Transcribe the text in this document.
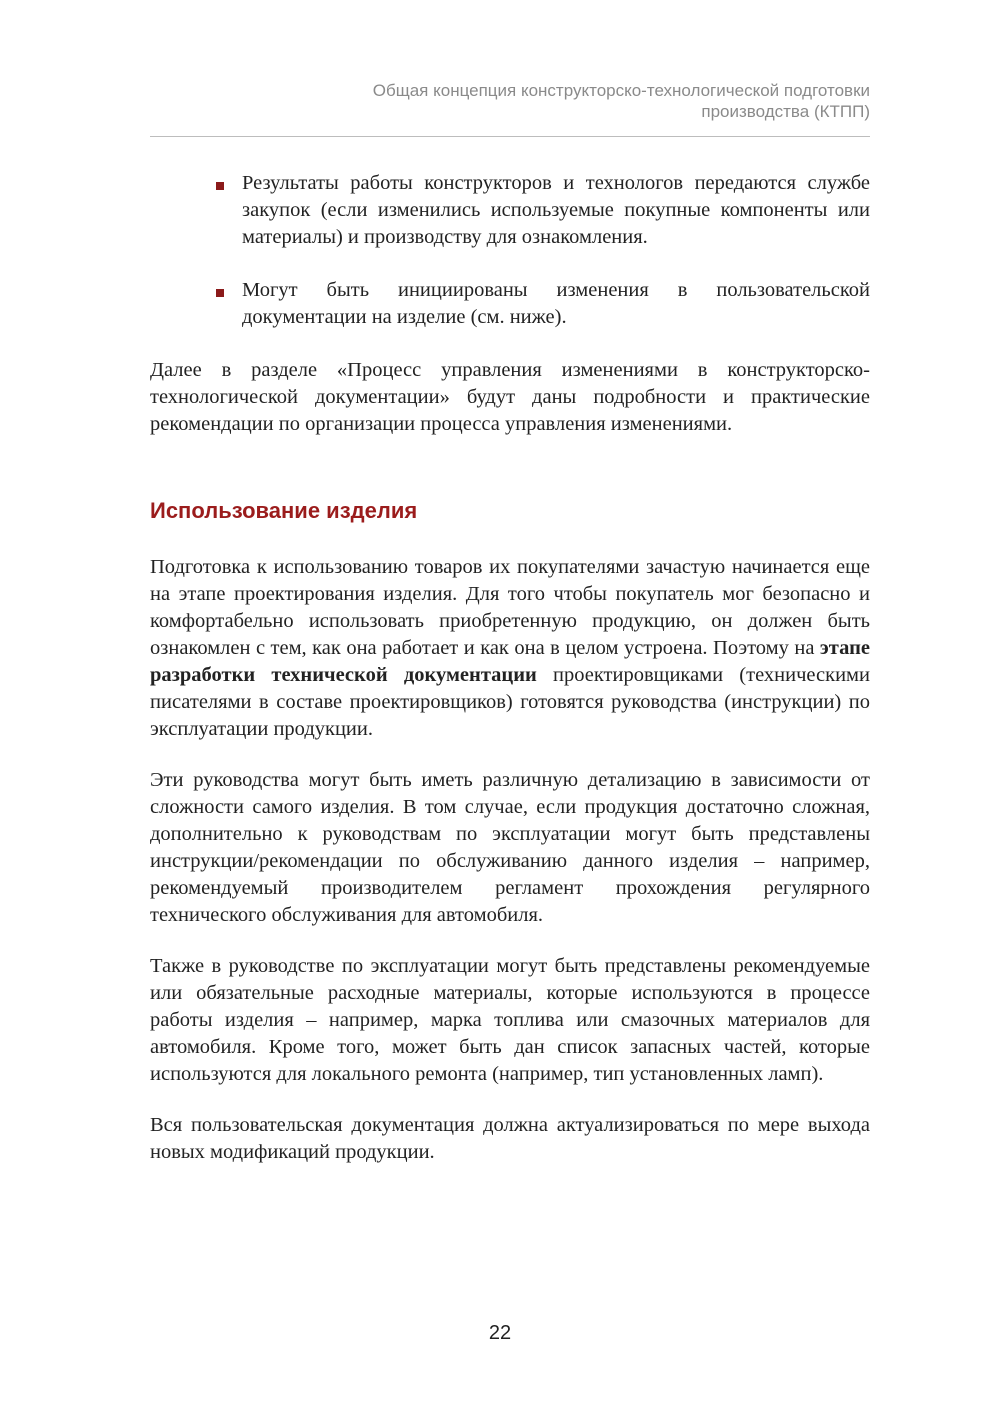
Общая концепция конструкторско-технологической подготовки
производства (КТПП)
Результаты работы конструкторов и технологов передаются службе закупок (если изменились используемые покупные компоненты или материалы) и производству для ознакомления.
Могут быть инициированы изменения в пользовательской документации на изделие (см. ниже).

Далее в разделе «Процесс управления изменениями в конструкторско-технологической документации» будут даны подробности и практические рекомендации по организации процесса управления изменениями.

Использование изделия

Подготовка к использованию товаров их покупателями зачастую начинается еще на этапе проектирования изделия. Для того чтобы покупатель мог безопасно и комфортабельно использовать приобретенную продукцию, он должен быть ознакомлен с тем, как она работает и как она в целом устроена. Поэтому на этапе разработки технической документации проектировщиками (техническими писателями в составе проектировщиков) готовятся руководства (инструкции) по эксплуатации продукции.

Эти руководства могут быть иметь различную детализацию в зависимости от сложности самого изделия. В том случае, если продукция достаточно сложная, дополнительно к руководствам по эксплуатации могут быть представлены инструкции/рекомендации по обслуживанию данного изделия – например, рекомендуемый производителем регламент прохождения регулярного технического обслуживания для автомобиля.

Также в руководстве по эксплуатации могут быть представлены рекомендуемые или обязательные расходные материалы, которые используются в процессе работы изделия – например, марка топлива или смазочных материалов для автомобиля. Кроме того, может быть дан список запасных частей, которые используются для локального ремонта (например, тип установленных ламп).

Вся пользовательская документация должна актуализироваться по мере выхода новых модификаций продукции.

22
